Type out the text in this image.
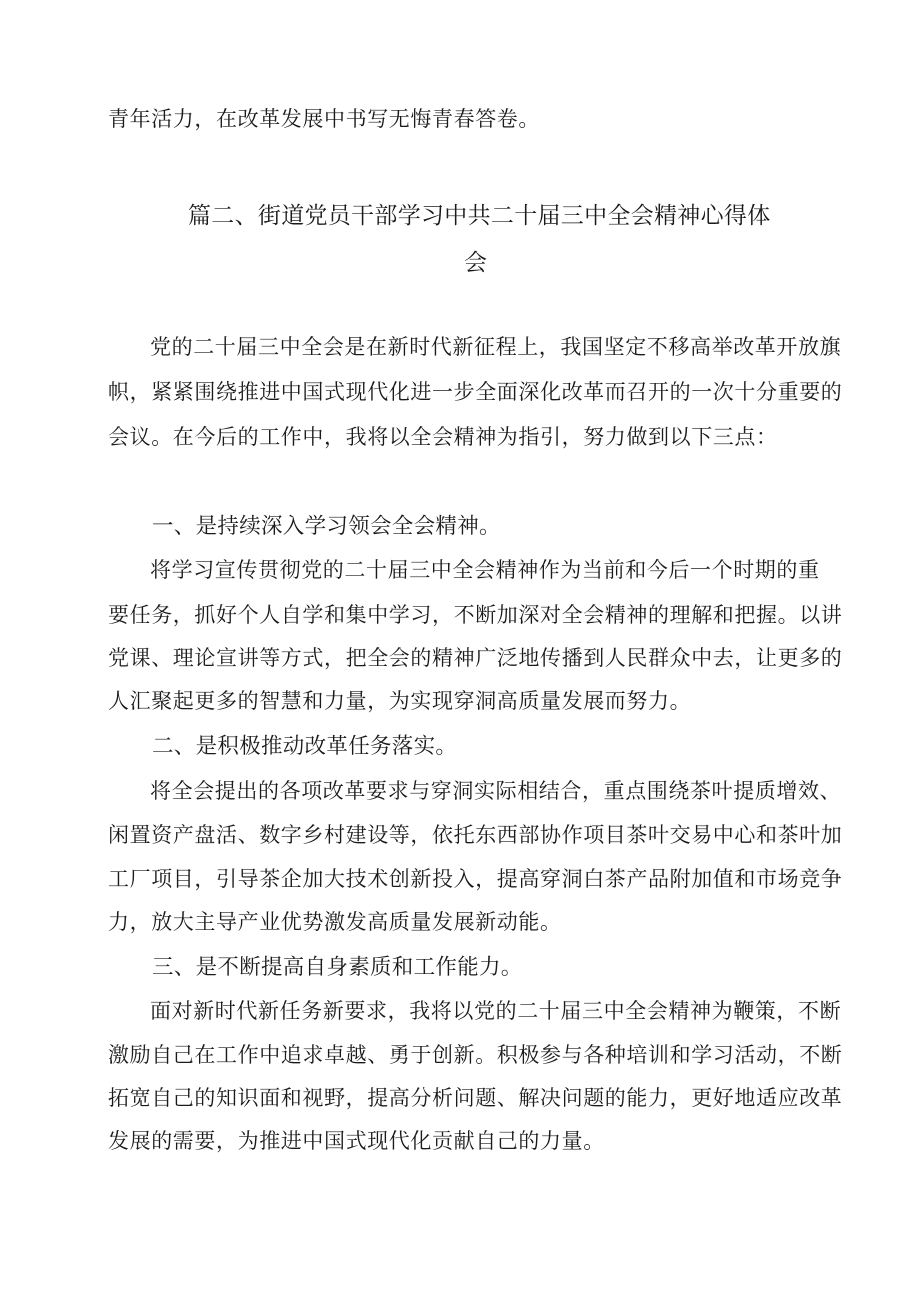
青年活力，在改革发展中书写无悔青春答卷。
篇二、街道党员干部学习中共二十届三中全会精神心得体
会
党的二十届三中全会是在新时代新征程上，我国坚定不移高举改革开放旗
帜，紧紧围绕推进中国式现代化进一步全面深化改革而召开的一次十分重要的
会议。在今后的工作中，我将以全会精神为指引，努力做到以下三点：
一、是持续深入学习领会全会精神。
将学习宣传贯彻党的二十届三中全会精神作为当前和今后一个时期的重
要任务，抓好个人自学和集中学习，不断加深对全会精神的理解和把握。以讲
党课、理论宣讲等方式，把全会的精神广泛地传播到人民群众中去，让更多的
人汇聚起更多的智慧和力量，为实现穿洞高质量发展而努力。
二、是积极推动改革任务落实。
将全会提出的各项改革要求与穿洞实际相结合，重点围绕茶叶提质增效、
闲置资产盘活、数字乡村建设等，依托东西部协作项目茶叶交易中心和茶叶加
工厂项目，引导茶企加大技术创新投入，提高穿洞白茶产品附加值和市场竞争
力，放大主导产业优势激发高质量发展新动能。
三、是不断提高自身素质和工作能力。
面对新时代新任务新要求，我将以党的二十届三中全会精神为鞭策，不断
激励自己在工作中追求卓越、勇于创新。积极参与各种培训和学习活动，不断
拓宽自己的知识面和视野，提高分析问题、解决问题的能力，更好地适应改革
发展的需要，为推进中国式现代化贡献自己的力量。
